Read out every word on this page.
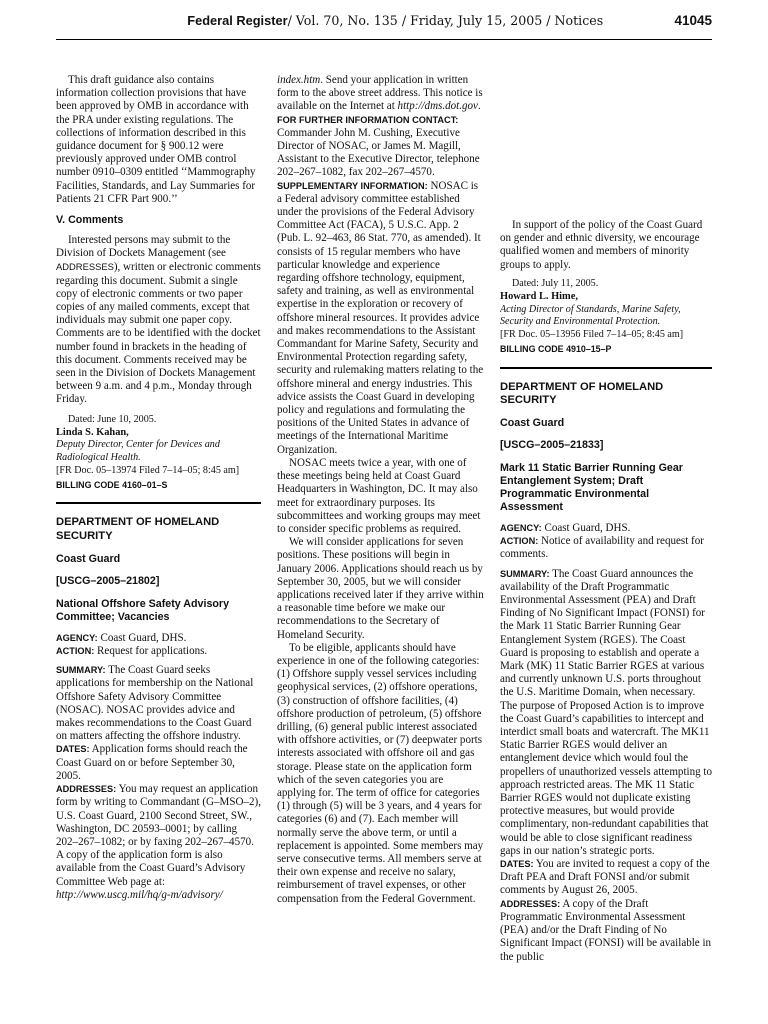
Federal Register/ Vol. 70, No. 135 / Friday, July 15, 2005 / Notices	41045

This draft guidance also contains information collection provisions that have been approved by OMB in accordance with the PRA under existing regulations. The collections of information described in this guidance document for § 900.12 were previously approved under OMB control number 0910–0309 entitled ‘‘Mammography Facilities, Standards, and Lay Summaries for Patients 21 CFR Part 900.’’

V. Comments

Interested persons may submit to the Division of Dockets Management (see ADDRESSES), written or electronic comments regarding this document. Submit a single copy of electronic comments or two paper copies of any mailed comments, except that individuals may submit one paper copy. Comments are to be identified with the docket number found in brackets in the heading of this document. Comments received may be seen in the Division of Dockets Management between 9 a.m. and 4 p.m., Monday through Friday.

Dated: June 10, 2005.

Linda S. Kahan,

Deputy Director, Center for Devices and Radiological Health.

[FR Doc. 05–13974 Filed 7–14–05; 8:45 am]

BILLING CODE 4160–01–S

DEPARTMENT OF HOMELAND SECURITY
Coast Guard
[USCG–2005–21802]
National Offshore Safety Advisory Committee; Vacancies

AGENCY: Coast Guard, DHS.

ACTION: Request for applications.

SUMMARY: The Coast Guard seeks applications for membership on the National Offshore Safety Advisory Committee (NOSAC). NOSAC provides advice and makes recommendations to the Coast Guard on matters affecting the offshore industry.

DATES: Application forms should reach the Coast Guard on or before September 30, 2005.

ADDRESSES: You may request an application form by writing to Commandant (G–MSO–2), U.S. Coast Guard, 2100 Second Street, SW., Washington, DC 20593–0001; by calling 202–267–1082; or by faxing 202–267–4570. A copy of the application form is also available from the Coast Guard’s Advisory Committee Web page at: http://www.uscg.mil/hq/g-m/advisory/

index.htm. Send your application in written form to the above street address. This notice is available on the Internet at http://dms.dot.gov.

FOR FURTHER INFORMATION CONTACT: Commander John M. Cushing, Executive Director of NOSAC, or James M. Magill, Assistant to the Executive Director, telephone 202–267–1082, fax 202–267–4570.

SUPPLEMENTARY INFORMATION: NOSAC is a Federal advisory committee established under the provisions of the Federal Advisory Committee Act (FACA), 5 U.S.C. App. 2 (Pub. L. 92–463, 86 Stat. 770, as amended). It consists of 15 regular members who have particular knowledge and experience regarding offshore technology, equipment, safety and training, as well as environmental expertise in the exploration or recovery of offshore mineral resources. It provides advice and makes recommendations to the Assistant Commandant for Marine Safety, Security and Environmental Protection regarding safety, security and rulemaking matters relating to the offshore mineral and energy industries. This advice assists the Coast Guard in developing policy and regulations and formulating the positions of the United States in advance of meetings of the International Maritime Organization.

NOSAC meets twice a year, with one of these meetings being held at Coast Guard Headquarters in Washington, DC. It may also meet for extraordinary purposes. Its subcommittees and working groups may meet to consider specific problems as required.

We will consider applications for seven positions. These positions will begin in January 2006. Applications should reach us by September 30, 2005, but we will consider applications received later if they arrive within a reasonable time before we make our recommendations to the Secretary of Homeland Security.

To be eligible, applicants should have experience in one of the following categories: (1) Offshore supply vessel services including geophysical services, (2) offshore operations, (3) construction of offshore facilities, (4) offshore production of petroleum, (5) offshore drilling, (6) general public interest associated with offshore activities, or (7) deepwater ports interests associated with offshore oil and gas storage. Please state on the application form which of the seven categories you are applying for. The term of office for categories (1) through (5) will be 3 years, and 4 years for categories (6) and (7). Each member will normally serve the above term, or until a replacement is appointed. Some members may serve consecutive terms. All members serve at their own expense and receive no salary, reimbursement of travel expenses, or other compensation from the Federal Government.

In support of the policy of the Coast Guard on gender and ethnic diversity, we encourage qualified women and members of minority groups to apply.

Dated: July 11, 2005.

Howard L. Hime,

Acting Director of Standards, Marine Safety, Security and Environmental Protection.

[FR Doc. 05–13956 Filed 7–14–05; 8:45 am]

BILLING CODE 4910–15–P

DEPARTMENT OF HOMELAND SECURITY
Coast Guard
[USCG–2005–21833]
Mark 11 Static Barrier Running Gear Entanglement System; Draft Programmatic Environmental Assessment

AGENCY: Coast Guard, DHS.

ACTION: Notice of availability and request for comments.

SUMMARY: The Coast Guard announces the availability of the Draft Programmatic Environmental Assessment (PEA) and Draft Finding of No Significant Impact (FONSI) for the Mark 11 Static Barrier Running Gear Entanglement System (RGES). The Coast Guard is proposing to establish and operate a Mark (MK) 11 Static Barrier RGES at various and currently unknown U.S. ports throughout the U.S. Maritime Domain, when necessary. The purpose of Proposed Action is to improve the Coast Guard’s capabilities to intercept and interdict small boats and watercraft. The MK11 Static Barrier RGES would deliver an entanglement device which would foul the propellers of unauthorized vessels attempting to approach restricted areas. The MK 11 Static Barrier RGES would not duplicate existing protective measures, but would provide complimentary, non-redundant capabilities that would be able to close significant readiness gaps in our nation’s strategic ports.

DATES: You are invited to request a copy of the Draft PEA and Draft FONSI and/or submit comments by August 26, 2005.

ADDRESSES: A copy of the Draft Programmatic Environmental Assessment (PEA) and/or the Draft Finding of No Significant Impact (FONSI) will be available in the public
